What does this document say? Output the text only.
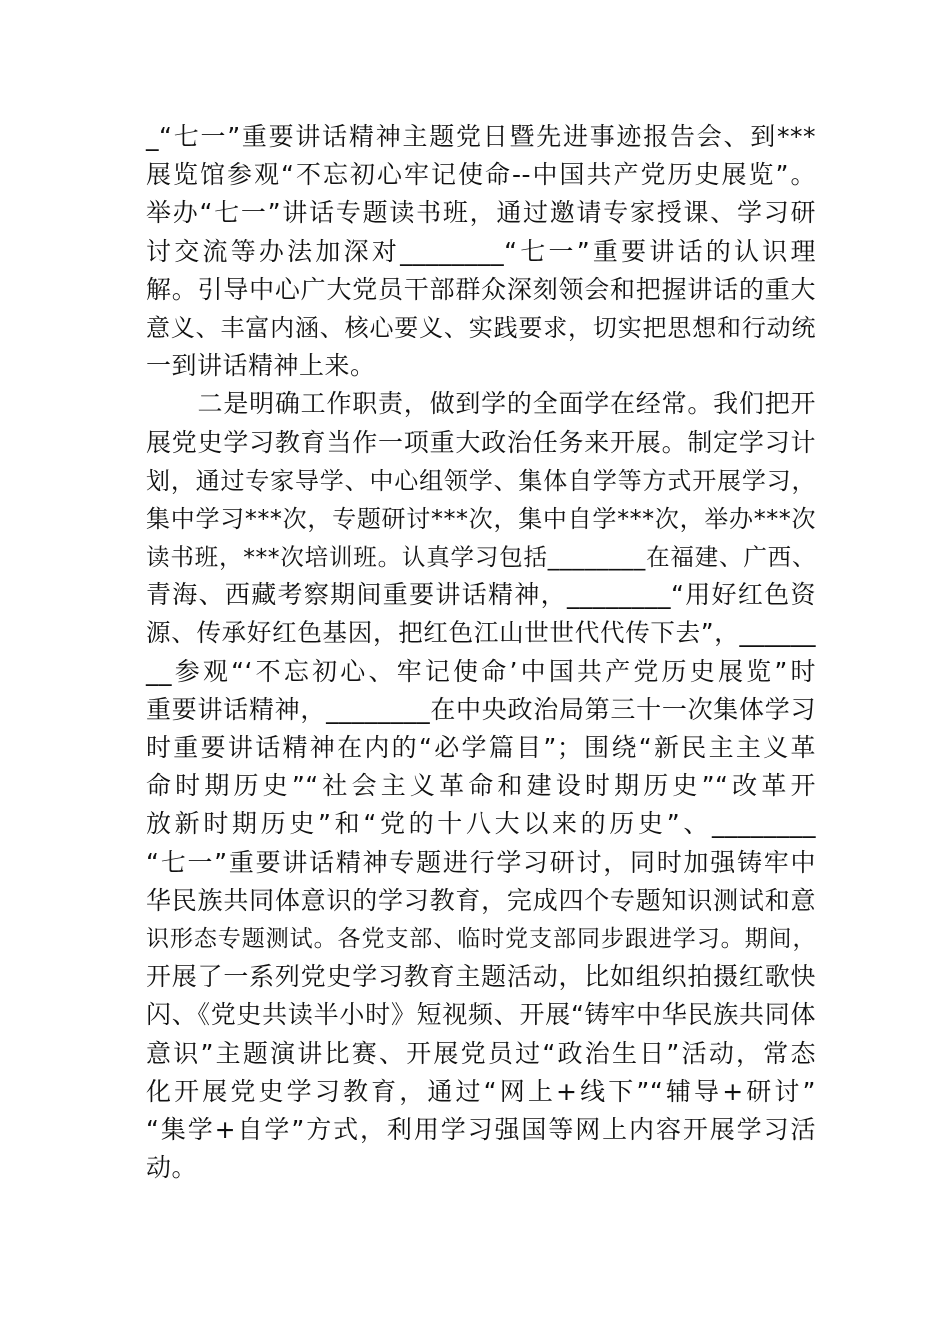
_“七一”重要讲话精神主题党日暨先进事迹报告会、到***
展览馆参观“不忘初心牢记使命--中国共产党历史展览”。
举办“七一”讲话专题读书班，通过邀请专家授课、学习研
讨交流等办法加深对________“七一”重要讲话的认识理
解。引导中心广大党员干部群众深刻领会和把握讲话的重大
意义、丰富内涵、核心要义、实践要求，切实把思想和行动统
一到讲话精神上来。
　　二是明确工作职责，做到学的全面学在经常。我们把开
展党史学习教育当作一项重大政治任务来开展。制定学习计
划，通过专家导学、中心组领学、集体自学等方式开展学习，
集中学习***次，专题研讨***次，集中自学***次，举办***次
读书班，***次培训班。认真学习包括________在福建、广西、
青海、西藏考察期间重要讲话精神，________“用好红色资
源、传承好红色基因，把红色江山世世代代传下去”，______
__参观“‘不忘初心、牢记使命’中国共产党历史展览”时
重要讲话精神，________在中央政治局第三十一次集体学习
时重要讲话精神在内的“必学篇目”；围绕“新民主主义革
命时期历史”“社会主义革命和建设时期历史”“改革开
放新时期历史”和“党的十八大以来的历史”、________
“七一”重要讲话精神专题进行学习研讨，同时加强铸牢中
华民族共同体意识的学习教育，完成四个专题知识测试和意
识形态专题测试。各党支部、临时党支部同步跟进学习。期间，
开展了一系列党史学习教育主题活动，比如组织拍摄红歌快
闪、《党史共读半小时》短视频、开展“铸牢中华民族共同体
意识”主题演讲比赛、开展党员过“政治生日”活动，常态
化开展党史学习教育，通过“网上+线下”“辅导+研讨”
“集学+自学”方式，利用学习强国等网上内容开展学习活
动。
